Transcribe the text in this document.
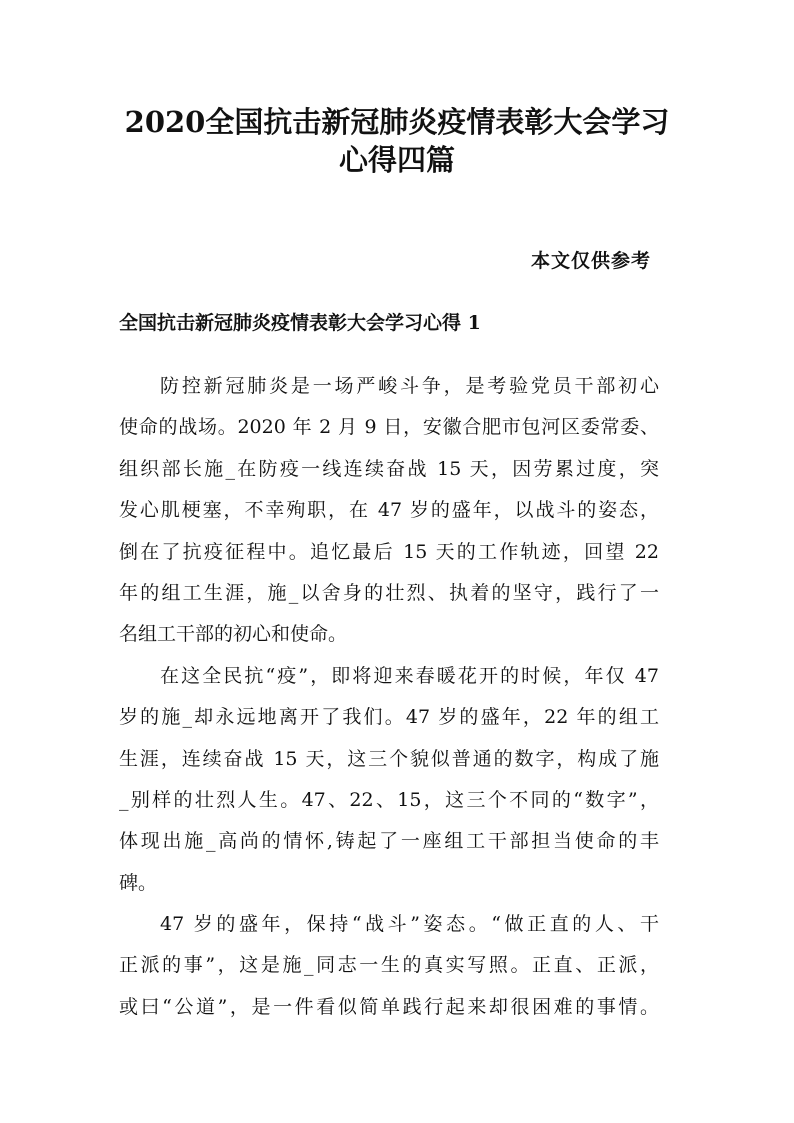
2020全国抗击新冠肺炎疫情表彰大会学习
心得四篇
本文仅供参考
全国抗击新冠肺炎疫情表彰大会学习心得 1
防控新冠肺炎是一场严峻斗争，是考验党员干部初心
使命的战场。2020 年 2 月 9 日，安徽合肥市包河区委常委、
组织部长施_在防疫一线连续奋战 15 天，因劳累过度，突
发心肌梗塞，不幸殉职，在 47 岁的盛年，以战斗的姿态，
倒在了抗疫征程中。追忆最后 15 天的工作轨迹，回望 22
年的组工生涯，施_以舍身的壮烈、执着的坚守，践行了一
名组工干部的初心和使命。
在这全民抗“疫”，即将迎来春暖花开的时候，年仅 47
岁的施_却永远地离开了我们。47 岁的盛年，22 年的组工
生涯，连续奋战 15 天，这三个貌似普通的数字，构成了施
_别样的壮烈人生。47、22、15，这三个不同的“数字”，
体现出施_高尚的情怀,铸起了一座组工干部担当使命的丰
碑。
47 岁的盛年，保持“战斗”姿态。“做正直的人、干
正派的事”，这是施_同志一生的真实写照。正直、正派，
或曰“公道”，是一件看似简单践行起来却很困难的事情。
